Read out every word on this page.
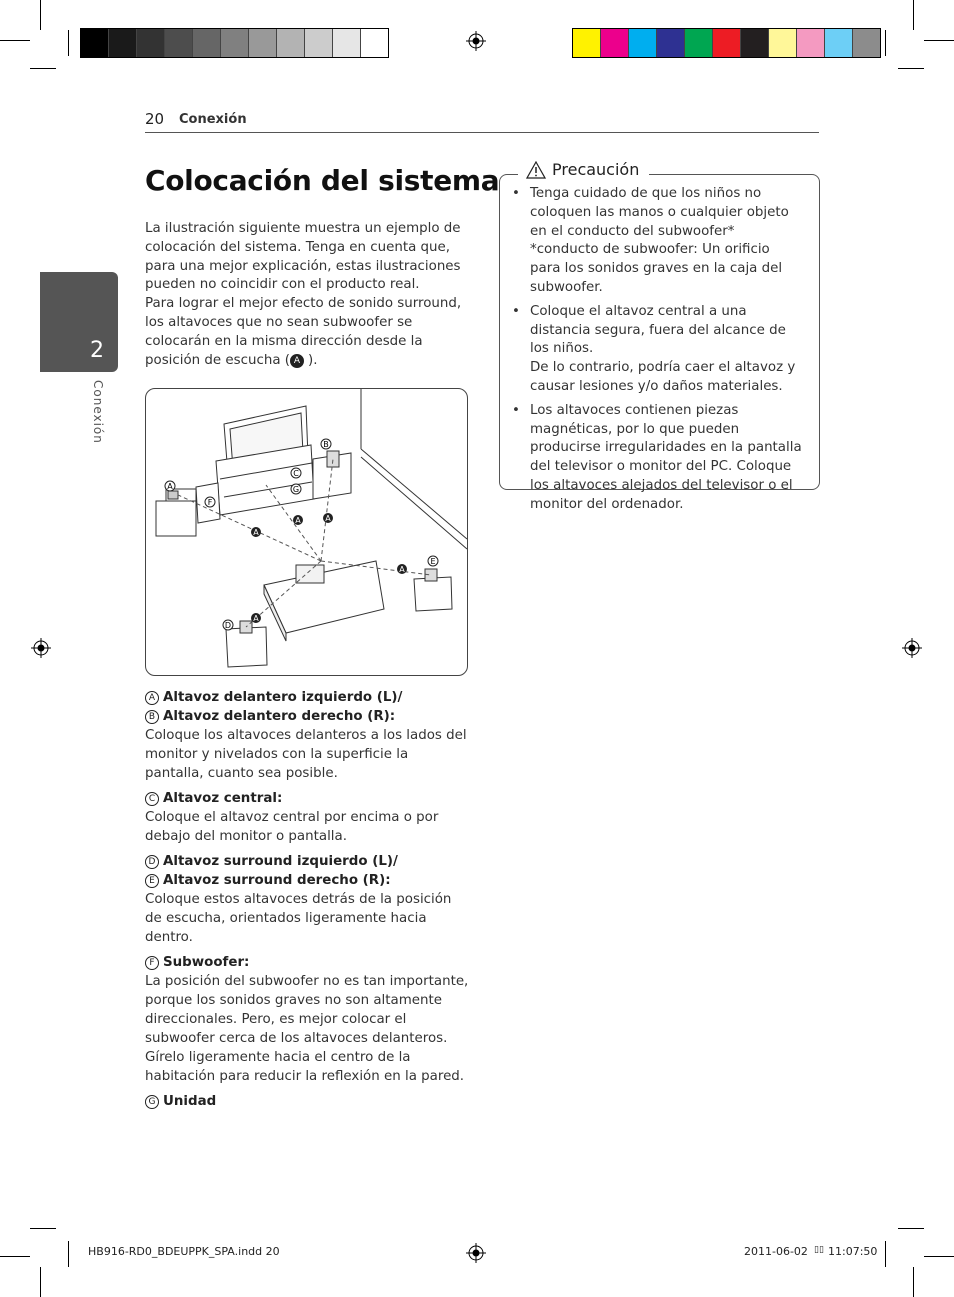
20 Conexión
2
Conexión
Colocación del sistema

La ilustración siguiente muestra un ejemplo de colocación del sistema. Tenga en cuenta que, para una mejor explicación, estas ilustraciones pueden no coincidir con el producto real.

Para lograr el mejor efecto de sonido surround, los altavoces que no sean subwoofer se colocarán en la misma dirección desde la posición de escucha ( A ).

A
B
C
G
F
D
E
A
A	A
A
A
A Altavoz delantero izquierdo (L)/
B Altavoz delantero derecho (R):
Coloque los altavoces delanteros a los lados del monitor y nivelados con la superficie la pantalla, cuanto sea posible.
C Altavoz central:
Coloque el altavoz central por encima o por debajo del monitor o pantalla.
D Altavoz surround izquierdo (L)/
E Altavoz surround derecho (R):
Coloque estos altavoces detrás de la posición de escucha, orientados ligeramente hacia dentro.
F Subwoofer:
La posición del subwoofer no es tan importante, porque los sonidos graves no son altamente direccionales. Pero, es mejor colocar el subwoofer cerca de los altavoces delanteros. Gírelo ligeramente hacia el centro de la habitación para reducir la reflexión en la pared.
G Unidad
Precaución
• Tenga cuidado de que los niños no coloquen las manos o cualquier objeto en el conducto del subwoofer*
*conducto de subwoofer: Un orificio para los sonidos graves en la caja del subwoofer.
• Coloque el altavoz central a una distancia segura, fuera del alcance de los niños.
De lo contrario, podría caer el altavoz y causar lesiones y/o daños materiales.
• Los altavoces contienen piezas magnéticas, por lo que pueden producirse irregularidades en la pantalla del televisor o monitor del PC. Coloque los altavoces alejados del televisor o el monitor del ordenador.
HB916-RD0_BDEUPPK_SPA.indd 20	2011-06-02 ▯▯ 11:07:50
